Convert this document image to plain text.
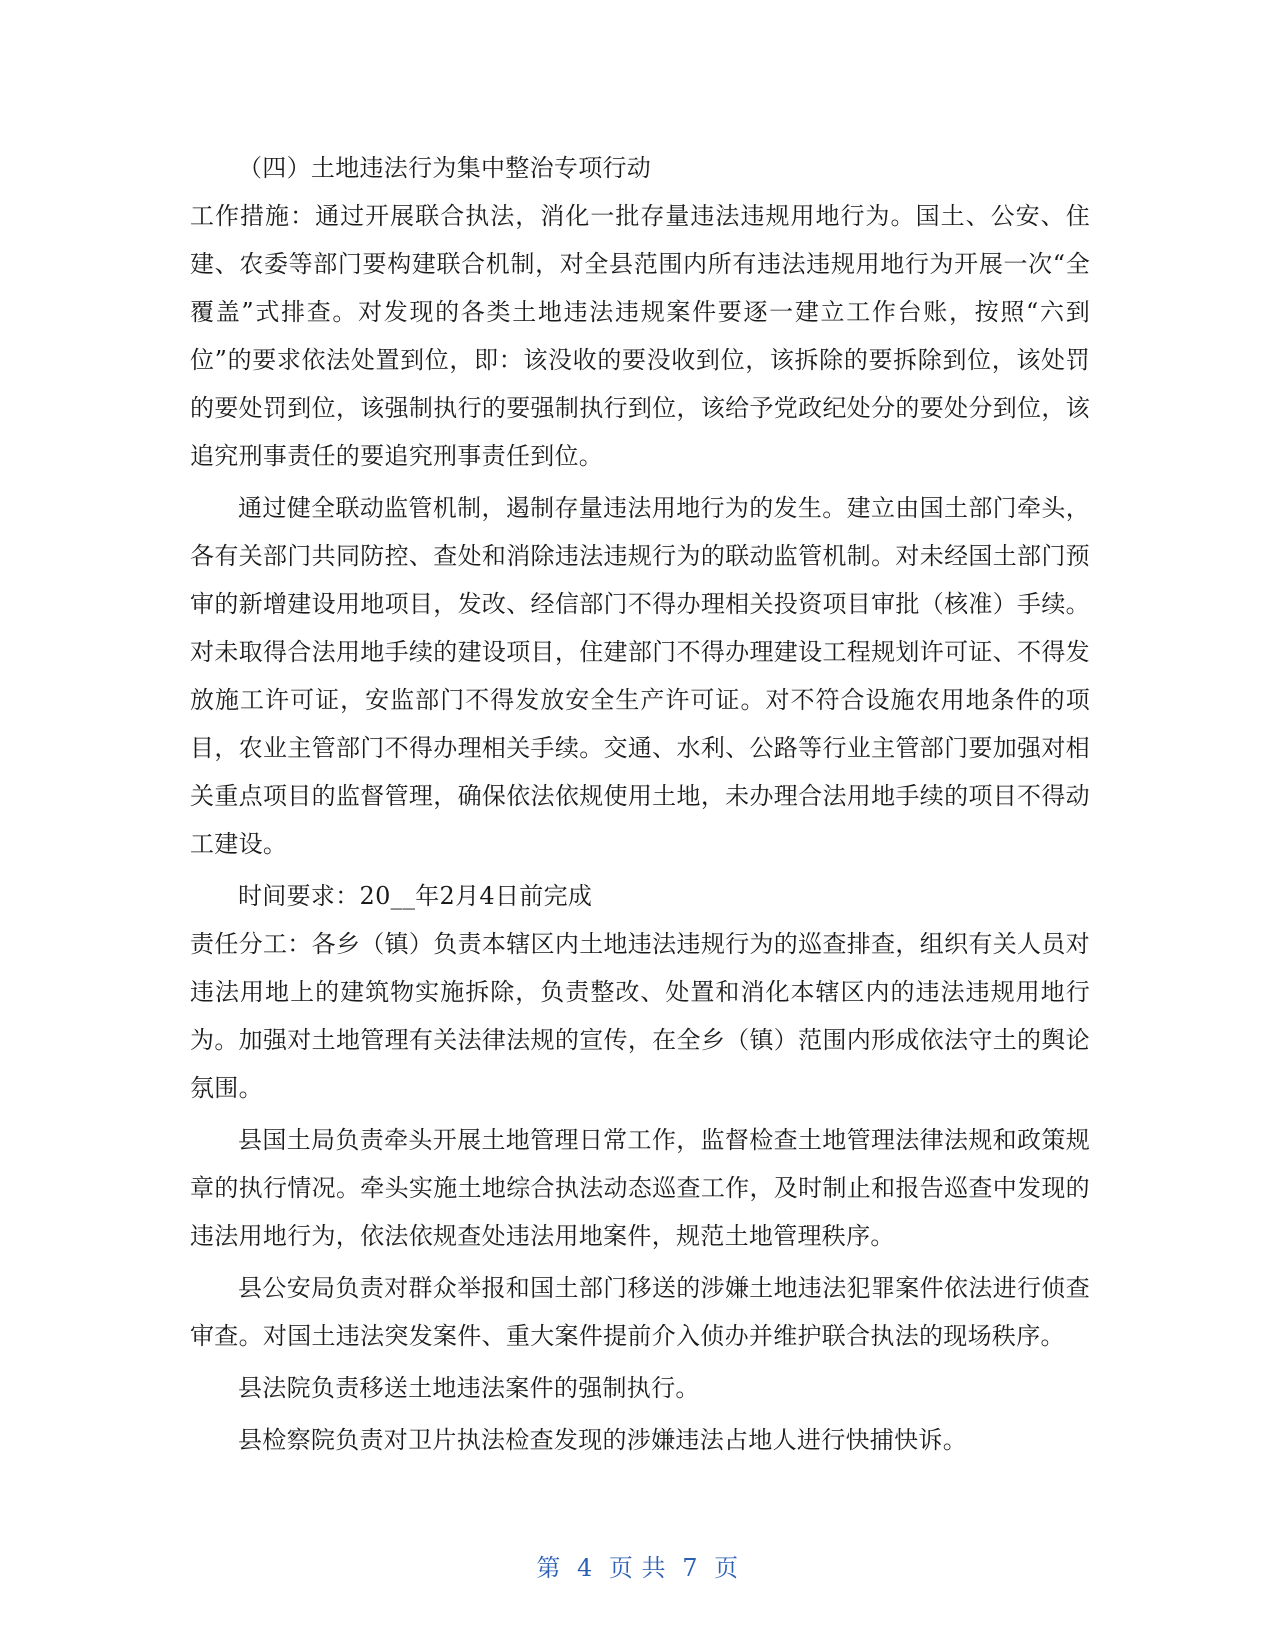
（四）土地违法行为集中整治专项行动

工作措施：通过开展联合执法，消化一批存量违法违规用地行为。国土、公安、住建、农委等部门要构建联合机制，对全县范围内所有违法违规用地行为开展一次“全覆盖”式排查。对发现的各类土地违法违规案件要逐一建立工作台账，按照“六到位”的要求依法处置到位，即：该没收的要没收到位，该拆除的要拆除到位，该处罚的要处罚到位，该强制执行的要强制执行到位，该给予党政纪处分的要处分到位，该追究刑事责任的要追究刑事责任到位。

通过健全联动监管机制，遏制存量违法用地行为的发生。建立由国土部门牵头，各有关部门共同防控、查处和消除违法违规行为的联动监管机制。对未经国土部门预审的新增建设用地项目，发改、经信部门不得办理相关投资项目审批（核准）手续。对未取得合法用地手续的建设项目，住建部门不得办理建设工程规划许可证、不得发放施工许可证，安监部门不得发放安全生产许可证。对不符合设施农用地条件的项目，农业主管部门不得办理相关手续。交通、水利、公路等行业主管部门要加强对相关重点项目的监督管理，确保依法依规使用土地，未办理合法用地手续的项目不得动工建设。

时间要求：20__年2月4日前完成

责任分工：各乡（镇）负责本辖区内土地违法违规行为的巡查排查，组织有关人员对违法用地上的建筑物实施拆除，负责整改、处置和消化本辖区内的违法违规用地行为。加强对土地管理有关法律法规的宣传，在全乡（镇）范围内形成依法守土的舆论氛围。

县国土局负责牵头开展土地管理日常工作，监督检查土地管理法律法规和政策规章的执行情况。牵头实施土地综合执法动态巡查工作，及时制止和报告巡查中发现的违法用地行为，依法依规查处违法用地案件，规范土地管理秩序。

县公安局负责对群众举报和国土部门移送的涉嫌土地违法犯罪案件依法进行侦查审查。对国土违法突发案件、重大案件提前介入侦办并维护联合执法的现场秩序。

县法院负责移送土地违法案件的强制执行。

县检察院负责对卫片执法检查发现的涉嫌违法占地人进行快捕快诉。

第 4 页 共 7 页
